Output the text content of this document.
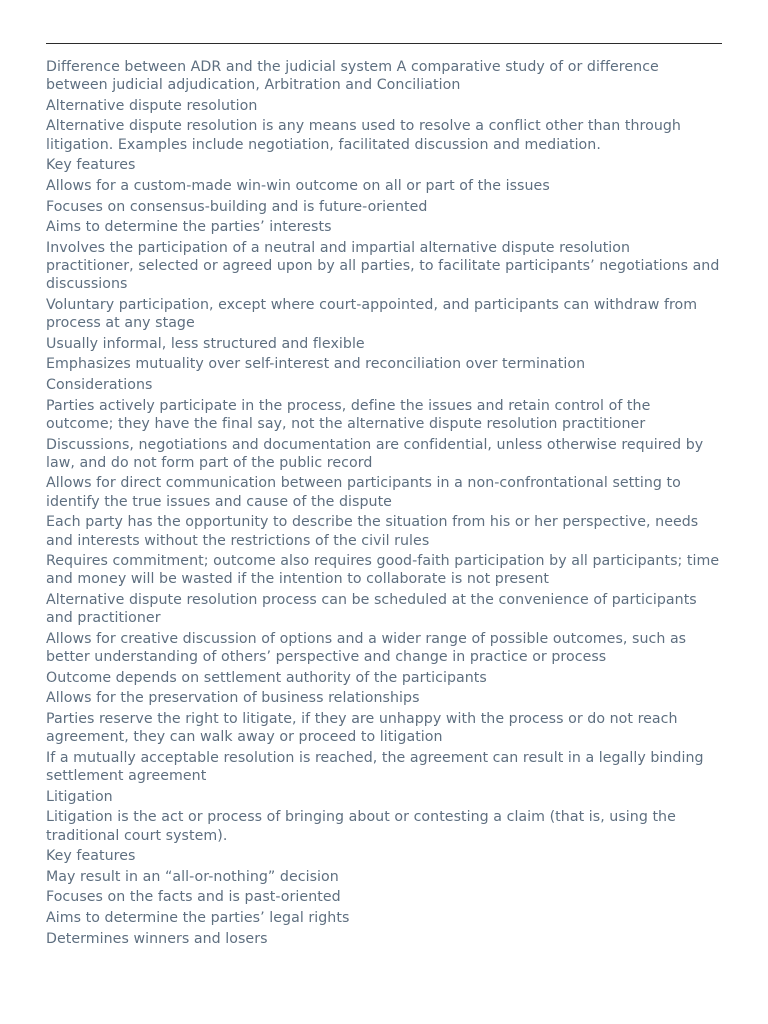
Difference between ADR and the judicial system A comparative study of or difference between judicial adjudication, Arbitration and Conciliation

Alternative dispute resolution

Alternative dispute resolution is any means used to resolve a conflict other than through litigation. Examples include negotiation, facilitated discussion and mediation.

Key features

Allows for a custom-made win-win outcome on all or part of the issues

Focuses on consensus-building and is future-oriented

Aims to determine the parties’ interests

Involves the participation of a neutral and impartial alternative dispute resolution practitioner, selected or agreed upon by all parties, to facilitate participants’ negotiations and discussions

Voluntary participation, except where court-appointed, and participants can withdraw from process at any stage

Usually informal, less structured and flexible

Emphasizes mutuality over self-interest and reconciliation over termination

Considerations

Parties actively participate in the process, define the issues and retain control of the outcome; they have the final say, not the alternative dispute resolution practitioner

Discussions, negotiations and documentation are confidential, unless otherwise required by law, and do not form part of the public record

Allows for direct communication between participants in a non-confrontational setting to identify the true issues and cause of the dispute

Each party has the opportunity to describe the situation from his or her perspective, needs and interests without the restrictions of the civil rules

Requires commitment; outcome also requires good-faith participation by all participants; time and money will be wasted if the intention to collaborate is not present

Alternative dispute resolution process can be scheduled at the convenience of participants and practitioner

Allows for creative discussion of options and a wider range of possible outcomes, such as better understanding of others’ perspective and change in practice or process

Outcome depends on settlement authority of the participants

Allows for the preservation of business relationships

Parties reserve the right to litigate, if they are unhappy with the process or do not reach agreement, they can walk away or proceed to litigation

If a mutually acceptable resolution is reached, the agreement can result in a legally binding settlement agreement

Litigation

Litigation is the act or process of bringing about or contesting a claim (that is, using the traditional court system).

Key features

May result in an “all-or-nothing” decision

Focuses on the facts and is past-oriented

Aims to determine the parties’ legal rights

Determines winners and losers
